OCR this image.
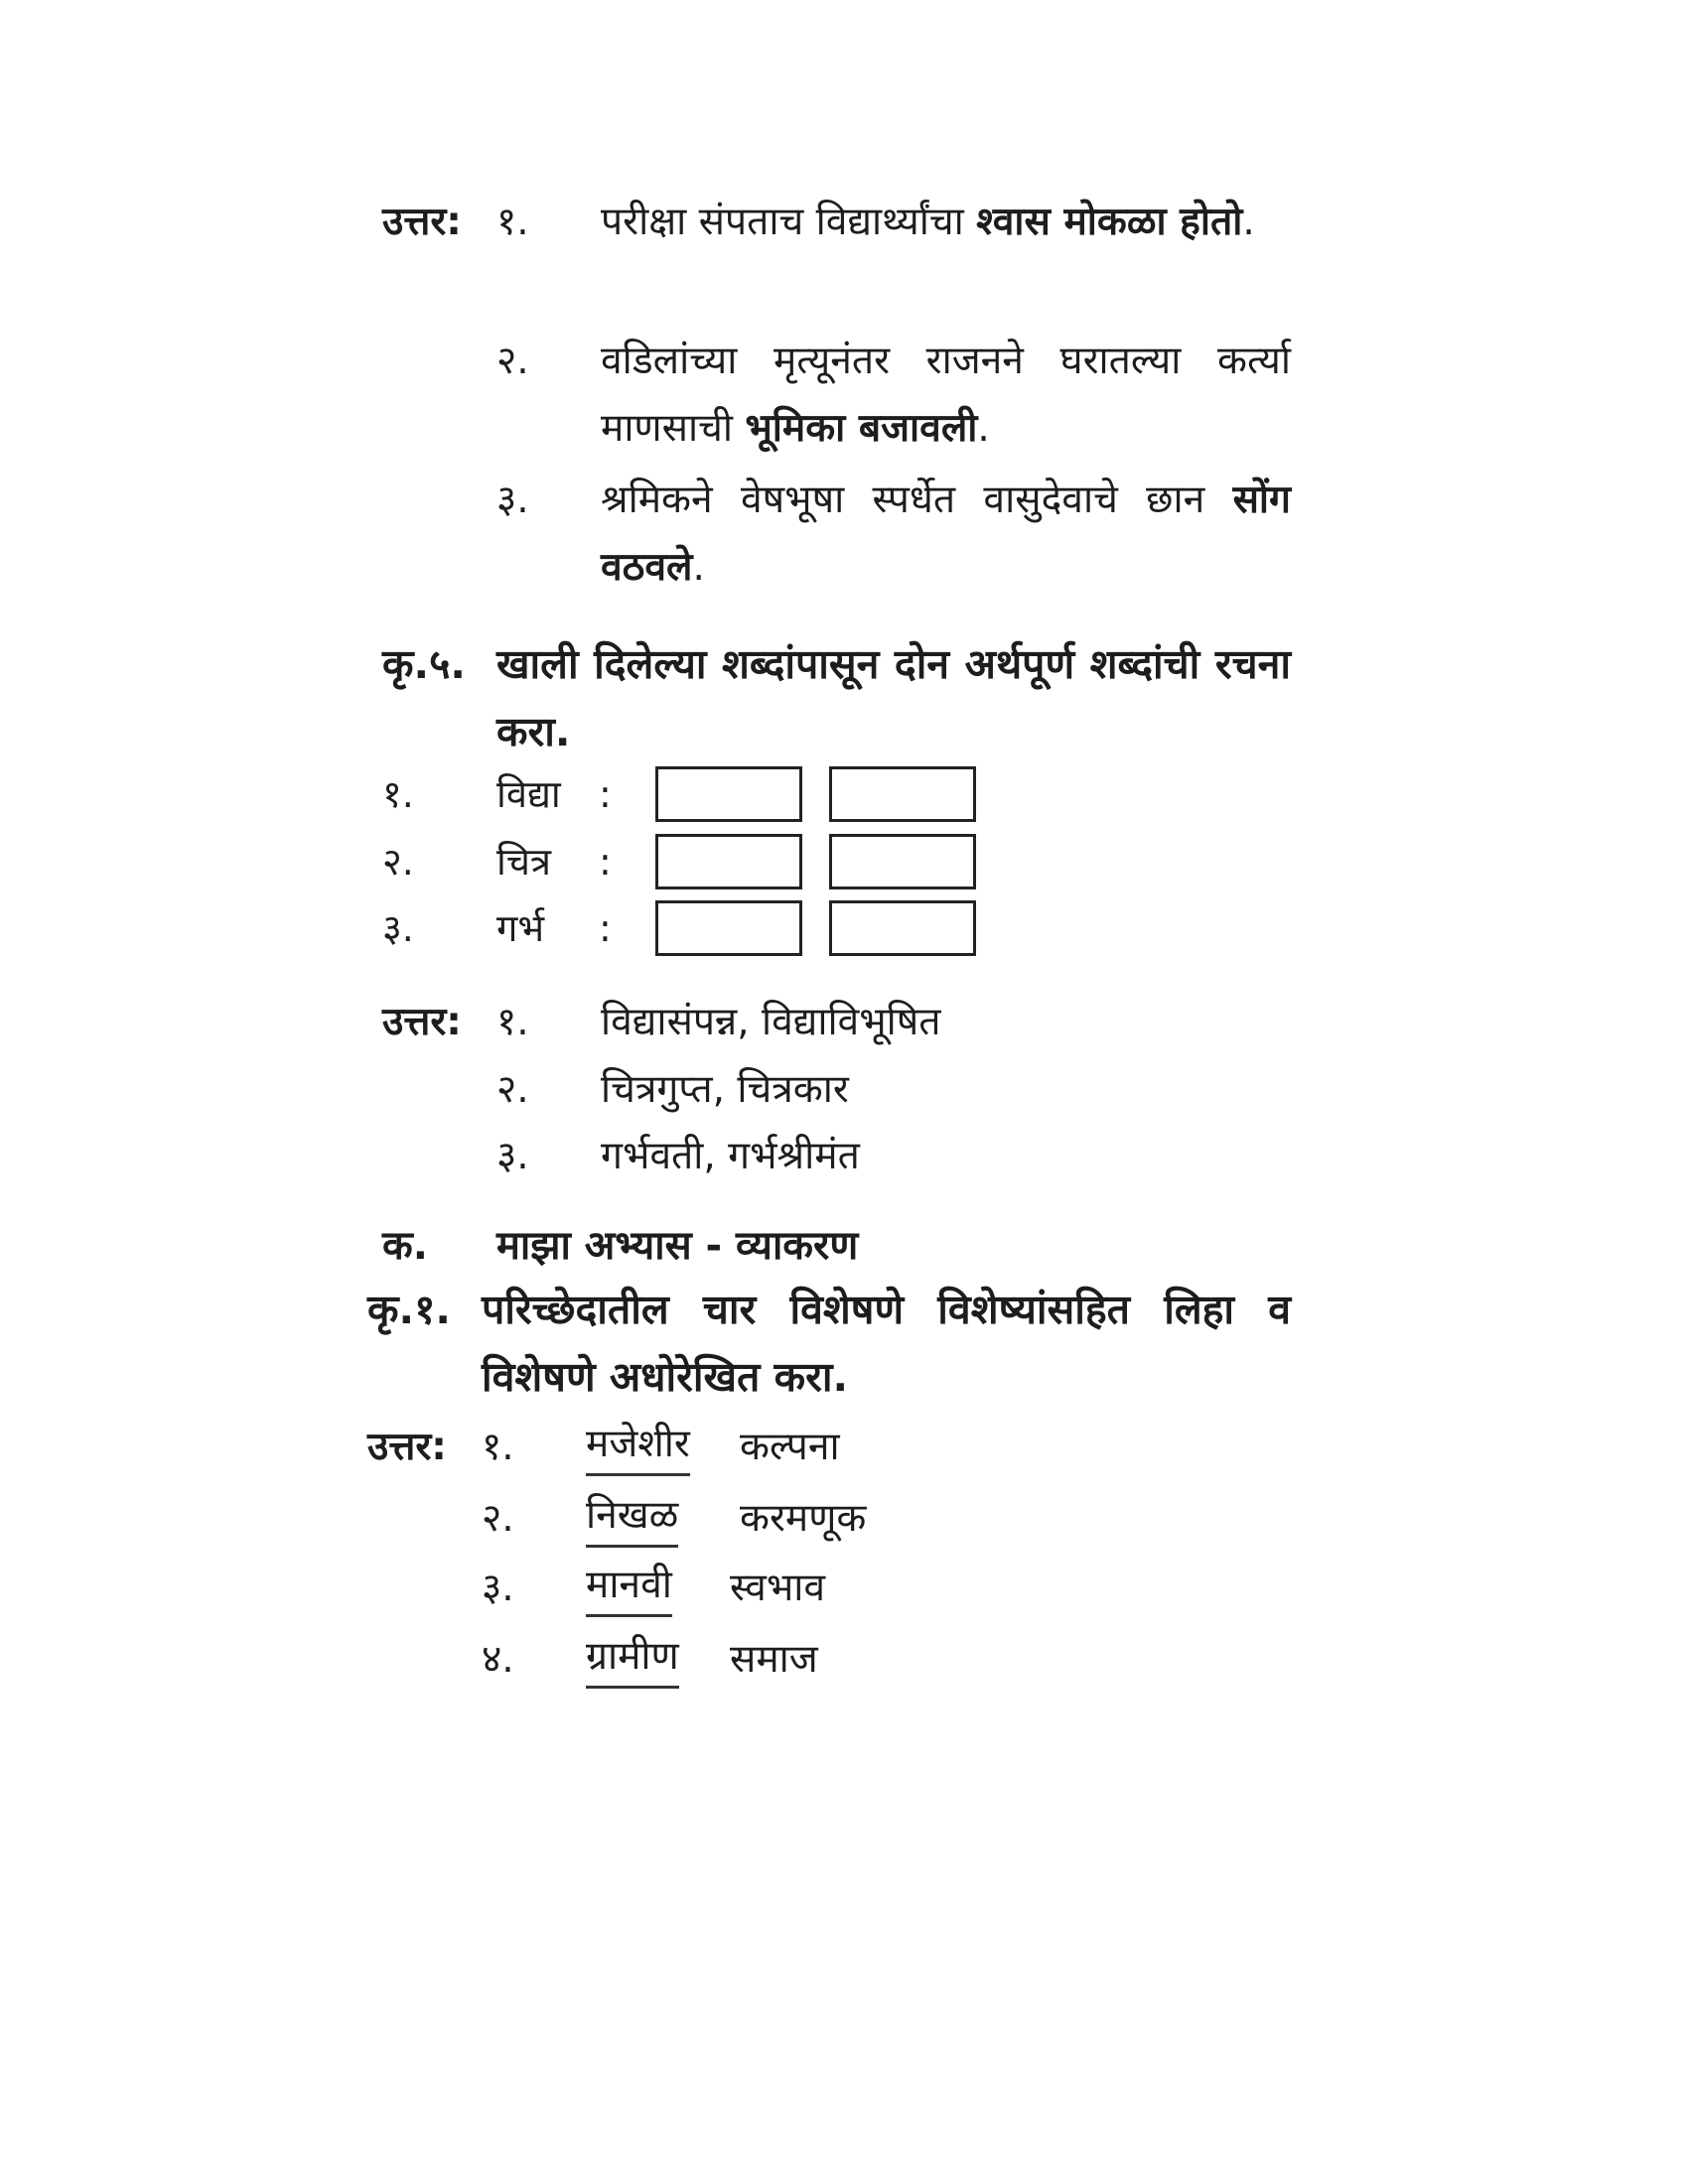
उत्तर: १. परीक्षा संपताच विद्यार्थ्यांचा श्वास मोकळा होतो.
२. वडिलांच्या मृत्यूनंतर राजनने घरातल्या कर्त्या माणसाची भूमिका बजावली.
३. श्रमिकने वेषभूषा स्पर्धेत वासुदेवाचे छान सोंग वठवले.
कृ.५. खाली दिलेल्या शब्दांपासून दोन अर्थपूर्ण शब्दांची रचना करा.
१. विद्या :
२. चित्र :
३. गर्भ :
उत्तर: १. विद्यासंपन्न, विद्याविभूषित
२. चित्रगुप्त, चित्रकार
३. गर्भवती, गर्भश्रीमंत
क. माझा अभ्यास - व्याकरण
कृ.१. परिच्छेदातील चार विशेषणे विशेष्यांसहित लिहा व विशेषणे अधोरेखित करा.
उत्तर: १. मजेशीर कल्पना
२. निखळ करमणूक
३. मानवी स्वभाव
४. ग्रामीण समाज
